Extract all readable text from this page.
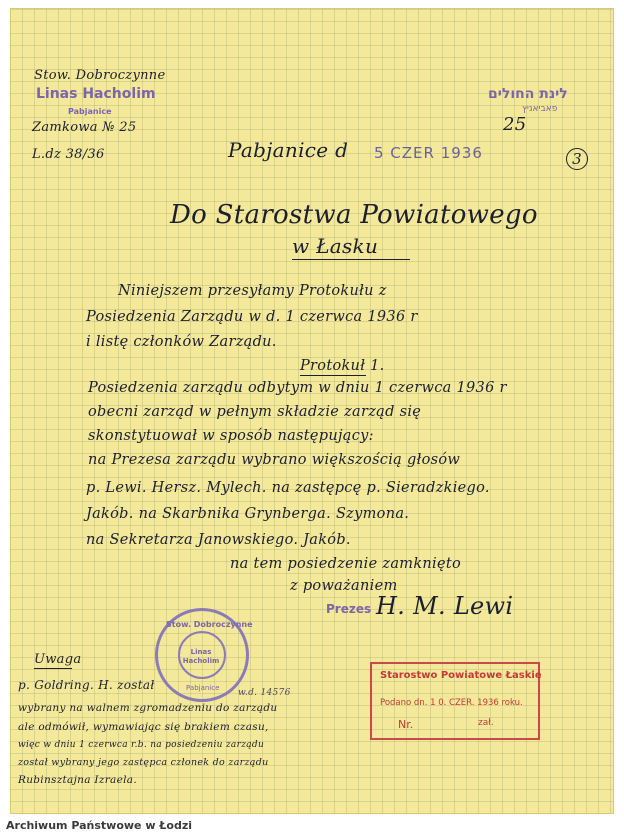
Stow. Dobroczynne
Linas Hacholim
Pabjanice
Zamkowa № 25
L.dz 38/36
לינת החולים
פאביאניץ
25
3
Pabjanice d 5 CZER 1936
Do Starostwa Powiatowego
w Łasku
Niniejszem przesyłamy Protokułu z
Posiedzenia Zarządu w d. 1 czerwca 1936 r
i listę członków Zarządu.
Protokuł 1.
Posiedzenia zarządu odbytym w dniu 1 czerwca 1936 r
obecni zarząd w pełnym składzie zarząd się
skonstytuował w sposób następujący:
na Prezesa zarządu wybrano większością głosów
p. Lewi. Hersz. Mylech. na zastępcę p. Sieradzkiego.
Jakób. na Skarbnika Grynberga. Szymona.
na Sekretarza Janowskiego. Jakób.
na tem posiedzenie zamknięto
z poważaniem
Prezes H. M. Lewi
Stow. Dobroczynne
Linas Hacholim
Pabjanice
Uwaga
p. Goldring. H. został
wybrany na walnem zgromadzeniu do zarządu
ale odmówił, wymawiając się brakiem czasu,
więc w dniu 1 czerwca r.b. na posiedzeniu zarządu
został wybrany jego zastępca członek do zarządu
Rubinsztajna Izraela.
w.d. 14576
Starostwo Powiatowe Łaskie
Podano dn. 1 0. CZER. 1936 roku.
Nr.	zał.
Archiwum Państwowe w Łodzi
